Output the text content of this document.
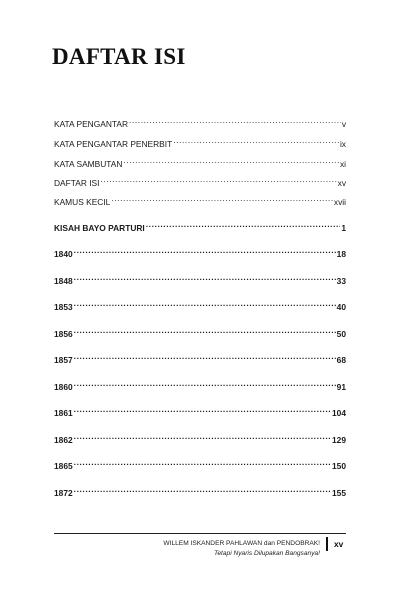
DAFTAR ISI
KATA PENGANTAR .....	v
KATA PENGANTAR PENERBIT .....	ix
KATA SAMBUTAN .....	xi
DAFTAR ISI .....	xv
KAMUS KECIL .....	xvii
KISAH BAYO PARTURI .....	1
1840 .....	18
1848 .....	33
1853 .....	40
1856 .....	50
1857 .....	68
1860 .....	91
1861 .....	104
1862 .....	129
1865 .....	150
1872 .....	155
WILLEM ISKANDER PAHLAWAN dan PENDOBRAK!
Tetapi Nyaris Dilupakan Bangsanya!
xv
